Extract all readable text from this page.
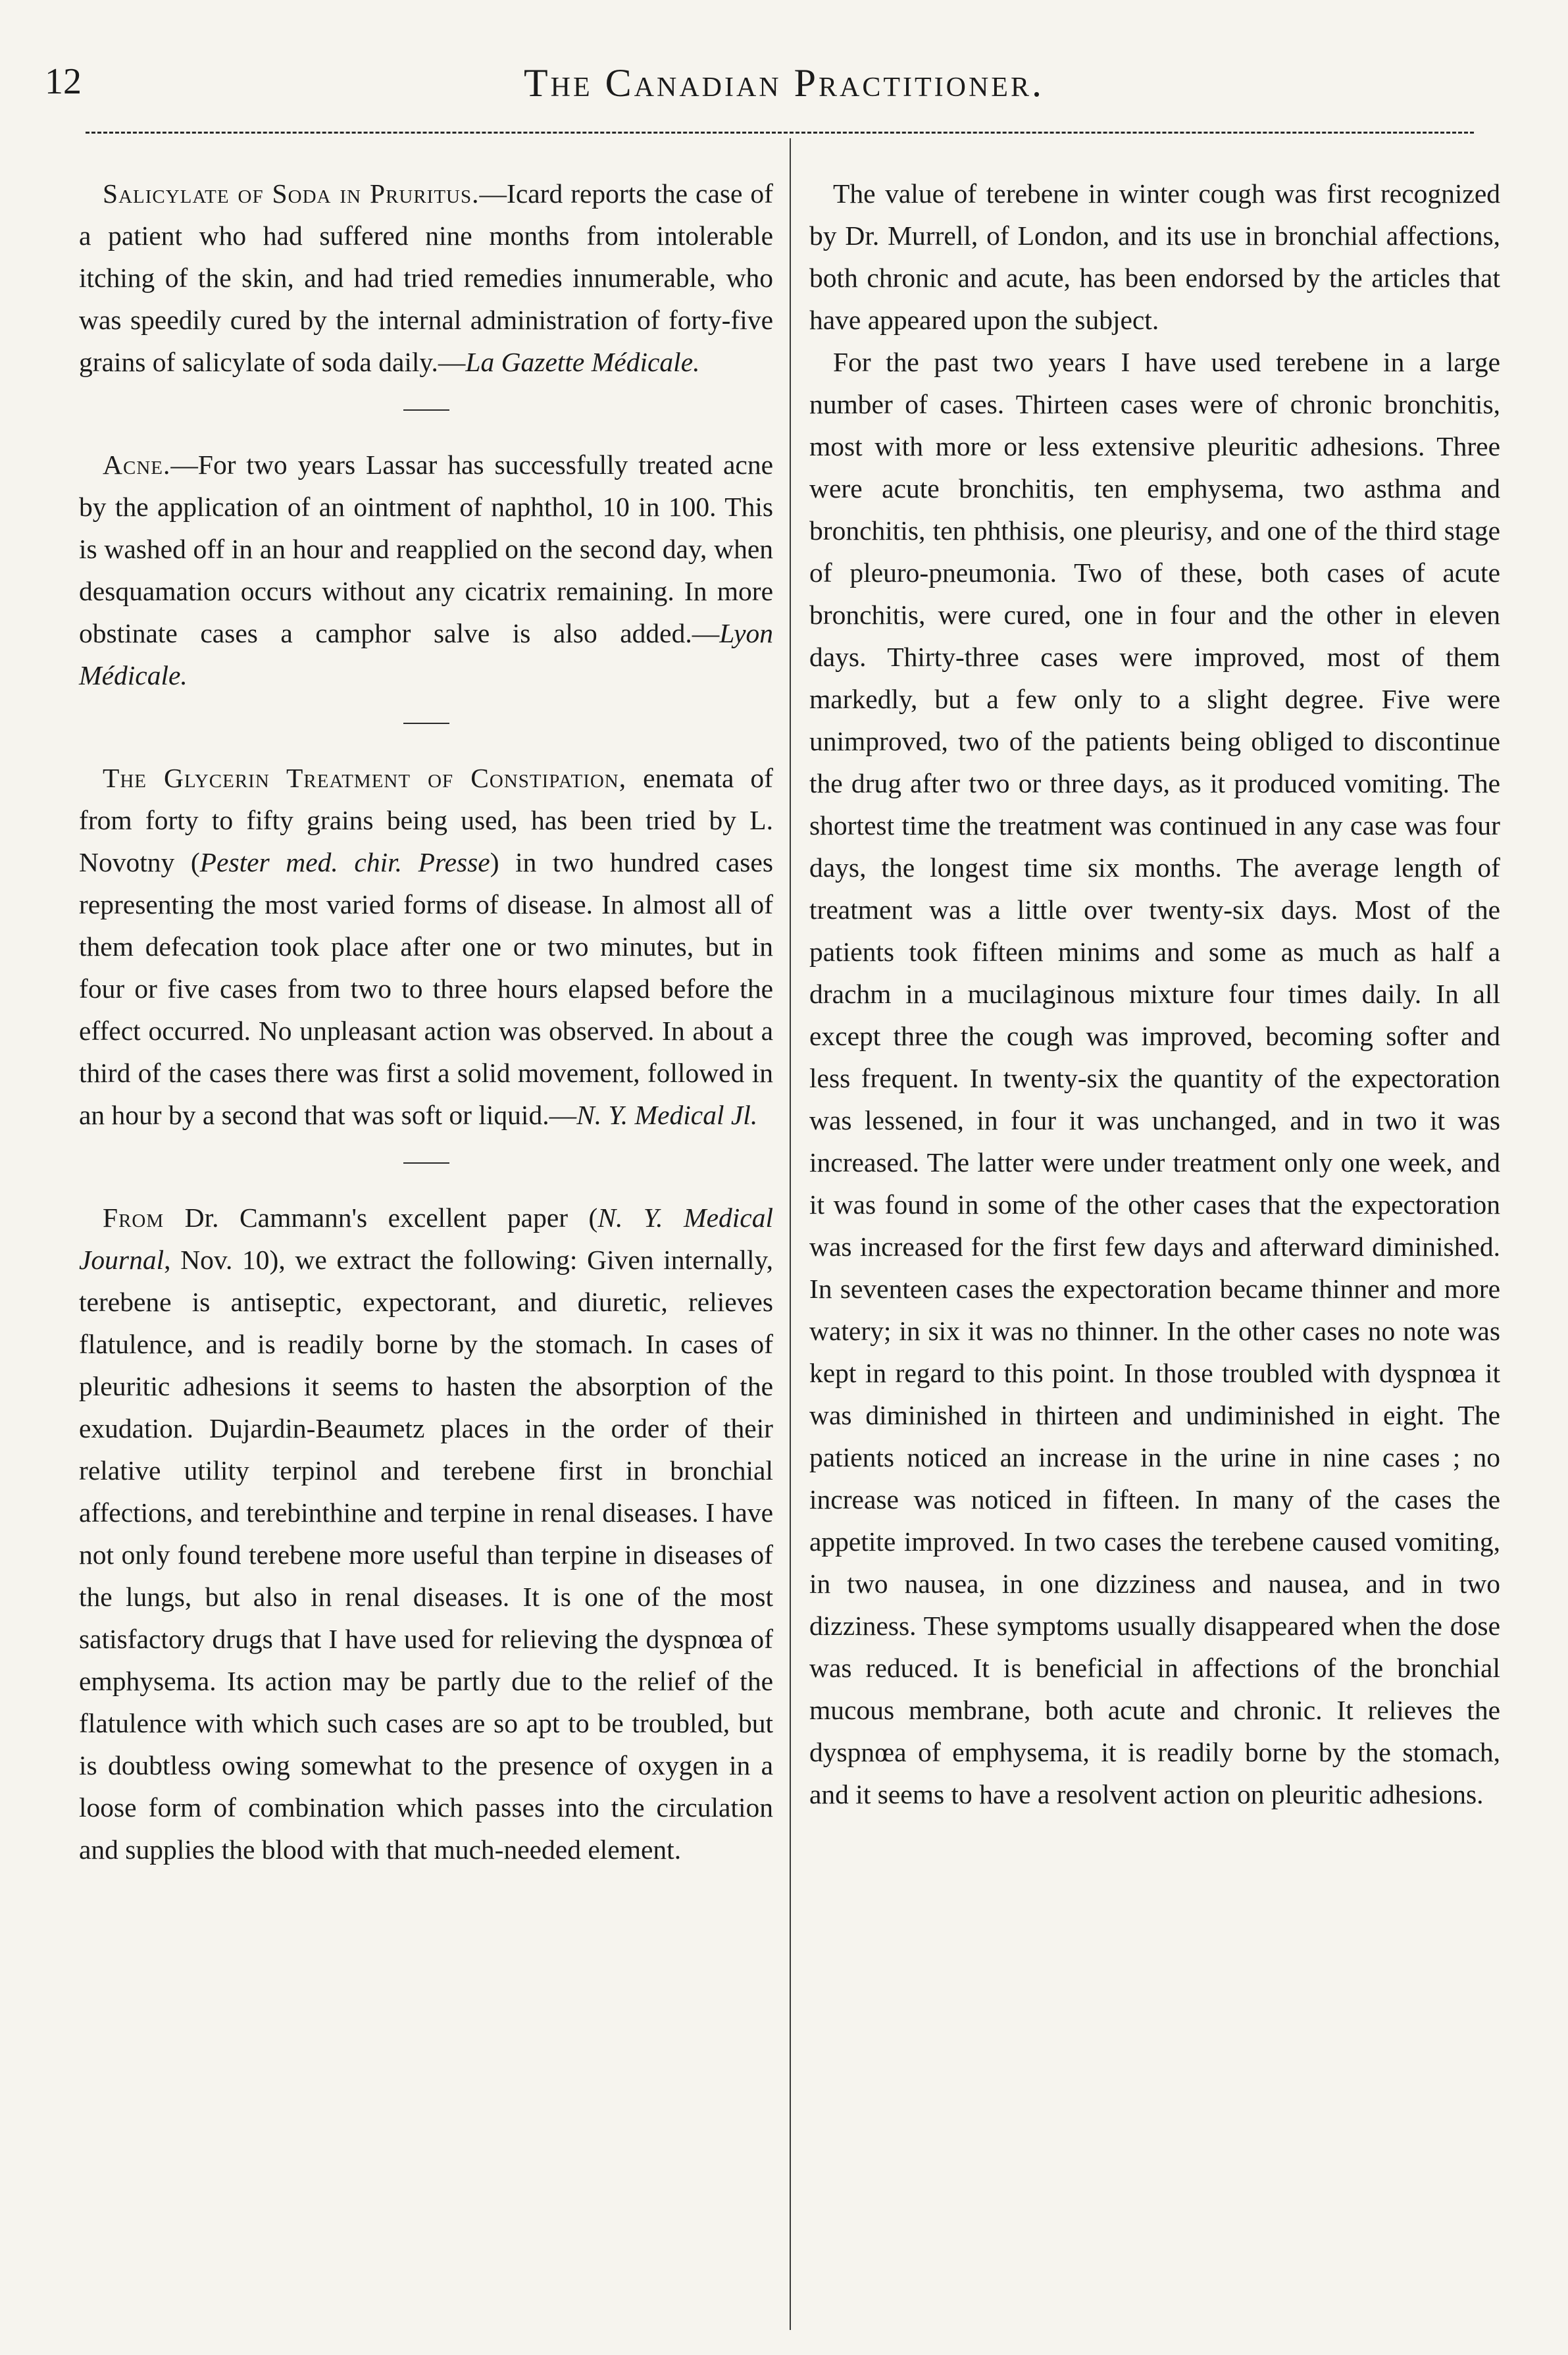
12	The Canadian Practitioner.

Salicylate of Soda in Pruritus.—Icard reports the case of a patient who had suffered nine months from intolerable itching of the skin, and had tried remedies innumerable, who was speedily cured by the internal administration of forty-five grains of salicylate of soda daily.—La Gazette Médicale.

Acne.—For two years Lassar has successfully treated acne by the application of an ointment of naphthol, 10 in 100. This is washed off in an hour and reapplied on the second day, when desquamation occurs without any cicatrix remaining. In more obstinate cases a camphor salve is also added.—Lyon Médicale.

The Glycerin Treatment of Constipation, enemata of from forty to fifty grains being used, has been tried by L. Novotny (Pester med. chir. Presse) in two hundred cases representing the most varied forms of disease. In almost all of them defecation took place after one or two minutes, but in four or five cases from two to three hours elapsed before the effect occurred. No unpleasant action was observed. In about a third of the cases there was first a solid movement, followed in an hour by a second that was soft or liquid.—N. Y. Medical Jl.

From Dr. Cammann's excellent paper (N. Y. Medical Journal, Nov. 10), we extract the following: Given internally, terebene is antiseptic, expectorant, and diuretic, relieves flatulence, and is readily borne by the stomach. In cases of pleuritic adhesions it seems to hasten the absorption of the exudation. Dujardin-Beaumetz places in the order of their relative utility terpinol and terebene first in bronchial affections, and terebinthine and terpine in renal diseases. I have not only found terebene more useful than terpine in diseases of the lungs, but also in renal diseases. It is one of the most satisfactory drugs that I have used for relieving the dyspnœa of emphysema. Its action may be partly due to the relief of the flatulence with which such cases are so apt to be troubled, but is doubtless owing somewhat to the presence of oxygen in a loose form of combination which passes into the circulation and supplies the blood with that much-needed element.

The value of terebene in winter cough was first recognized by Dr. Murrell, of London, and its use in bronchial affections, both chronic and acute, has been endorsed by the articles that have appeared upon the subject.

For the past two years I have used terebene in a large number of cases. Thirteen cases were of chronic bronchitis, most with more or less extensive pleuritic adhesions. Three were acute bronchitis, ten emphysema, two asthma and bronchitis, ten phthisis, one pleurisy, and one of the third stage of pleuro-pneumonia. Two of these, both cases of acute bronchitis, were cured, one in four and the other in eleven days. Thirty-three cases were improved, most of them markedly, but a few only to a slight degree. Five were unimproved, two of the patients being obliged to discontinue the drug after two or three days, as it produced vomiting. The shortest time the treatment was continued in any case was four days, the longest time six months. The average length of treatment was a little over twenty-six days. Most of the patients took fifteen minims and some as much as half a drachm in a mucilaginous mixture four times daily. In all except three the cough was improved, becoming softer and less frequent. In twenty-six the quantity of the expectoration was lessened, in four it was unchanged, and in two it was increased. The latter were under treatment only one week, and it was found in some of the other cases that the expectoration was increased for the first few days and afterward diminished. In seventeen cases the expectoration became thinner and more watery; in six it was no thinner. In the other cases no note was kept in regard to this point. In those troubled with dyspnœa it was diminished in thirteen and undiminished in eight. The patients noticed an increase in the urine in nine cases ; no increase was noticed in fifteen. In many of the cases the appetite improved. In two cases the terebene caused vomiting, in two nausea, in one dizziness and nausea, and in two dizziness. These symptoms usually disappeared when the dose was reduced. It is beneficial in affections of the bronchial mucous membrane, both acute and chronic. It relieves the dyspnœa of emphysema, it is readily borne by the stomach, and it seems to have a resolvent action on pleuritic adhesions.
